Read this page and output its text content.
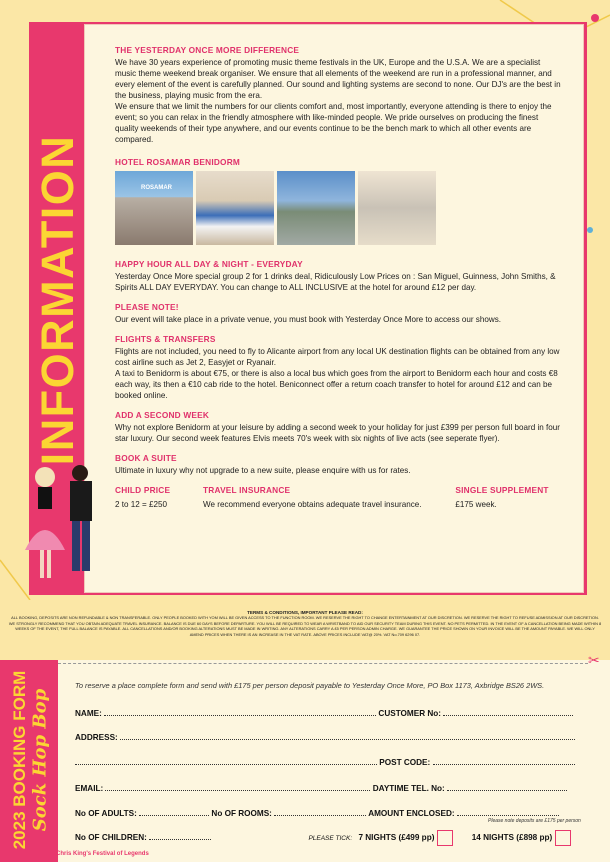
INFORMATION
THE YESTERDAY ONCE MORE DIFFERENCE

We have 30 years experience of promoting music theme festivals in the UK, Europe and the U.S.A. We are a specialist music theme weekend break organiser. We ensure that all elements of the weekend are run in a professional manner, and every element of the event is carefully planned. Our sound and lighting systems are second to none. Our DJ's are the best in the business, playing music from the era.

We ensure that we limit the numbers for our clients comfort and, most importantly, everyone attending is there to enjoy the event; so you can relax in the friendly atmosphere with like-minded people. We pride ourselves on producing the finest quality weekends of their type anywhere, and our events continue to be the bench mark to which all other events are compared.

HOTEL ROSAMAR BENIDORM
ROSAMAR
HAPPY HOUR ALL DAY & NIGHT - EVERYDAY

Yesterday Once More special group 2 for 1 drinks deal, Ridiculously Low Prices on : San Miguel, Guinness, John Smiths, & Spirits ALL DAY EVERYDAY. You can change to ALL INCLUSIVE at the hotel for around £12 per day.

PLEASE NOTE!

Our event will take place in a private venue, you must book with Yesterday Once More to access our shows.

FLIGHTS & TRANSFERS

Flights are not included, you need to fly to Alicante airport from any local UK destination flights can be obtained from any low cost airline such as Jet 2, Easyjet or Ryanair.

A taxi to Benidorm is about €75, or there is also a local bus which goes from the airport to Benidorm each hour and costs €8 each way, its then a €10 cab ride to the hotel. Beniconnect offer a return coach transfer to hotel for around £12 and can be booked online.

ADD A SECOND WEEK

Why not explore Benidorm at your leisure by adding a second week to your holiday for just £399 per person full board in four star luxury. Our second week features Elvis meets 70's week with six nights of live acts (see seperate flyer).

BOOK A SUITE

Ultimate in luxury why not upgrade to a new suite, please enquire with us for rates.

CHILD PRICE

2 to 12 = £250

TRAVEL INSURANCE

We recommend everyone obtains adequate travel insurance.

SINGLE SUPPLEMENT

£175 week.

TERMS & CONDITIONS, IMPORTANT PLEASE READ:
ALL BOOKING, DEPOSITS ARE NON REFUNDABLE & NON TRANSFERABLE. ONLY PEOPLE BOOKED WITH YOM WILL BE GIVEN ACCESS TO THE FUNCTION ROOM. WE RESERVE THE RIGHT TO CHANGE ENTERTAINMENT AT OUR DISCRETION. WE RESERVE THE RIGHT TO REFUSE ADMISSION AT OUR DISCRETION. WE STRONGLY RECOMMEND THAT YOU OBTAIN ADEQUATE TRAVEL INSURANCE. BALANCE IS DUE 60 DAYS BEFORE DEPARTURE. YOU WILL BE REQUIRED TO WEAR A WRISTBAND TO AID OUR SECURITY TEAM DURING THIS EVENT. NO PETS PERMITTED. IN THE EVENT OF A CANCELLATION BEING MADE WITHIN 8 WEEKS OF THE EVENT, THE FULL BALANCE IS PAYABLE. ALL CANCELLATIONS AND/OR BOOKING ALTERATIONS MUST BE MADE IN WRITING. ANY ALTERATIONS CARRY A £5 PER PERSON ADMIN CHARGE. WE GUARANTEE THE PRICE SHOWN ON YOUR INVOICE WILL BE THE AMOUNT PAYABLE. WE WILL ONLY AMEND PRICES WHEN THERE IS AN INCREASE IN THE VAT RATE. ABOVE PRICES INCLUDE VAT@ 20%. VAT No.709 6296 07.
2023 BOOKING FORM Sock Hop Bop
✂
To reserve a place complete form and send with £175 per person deposit payable to Yesterday Once More, PO Box 1173, Axbridge BS26 2WS.
NAME:	CUSTOMER No:
ADDRESS:
POST CODE:
EMAIL:	DAYTIME TEL. No:
No OF ADULTS:	No OF ROOMS:	AMOUNT ENCLOSED:
Please note deposits are £175 per person
No OF CHILDREN:	PLEASE TICK: 7 NIGHTS (£499 pp)	14 NIGHTS (£898 pp)
Chris King's Festival of Legends
